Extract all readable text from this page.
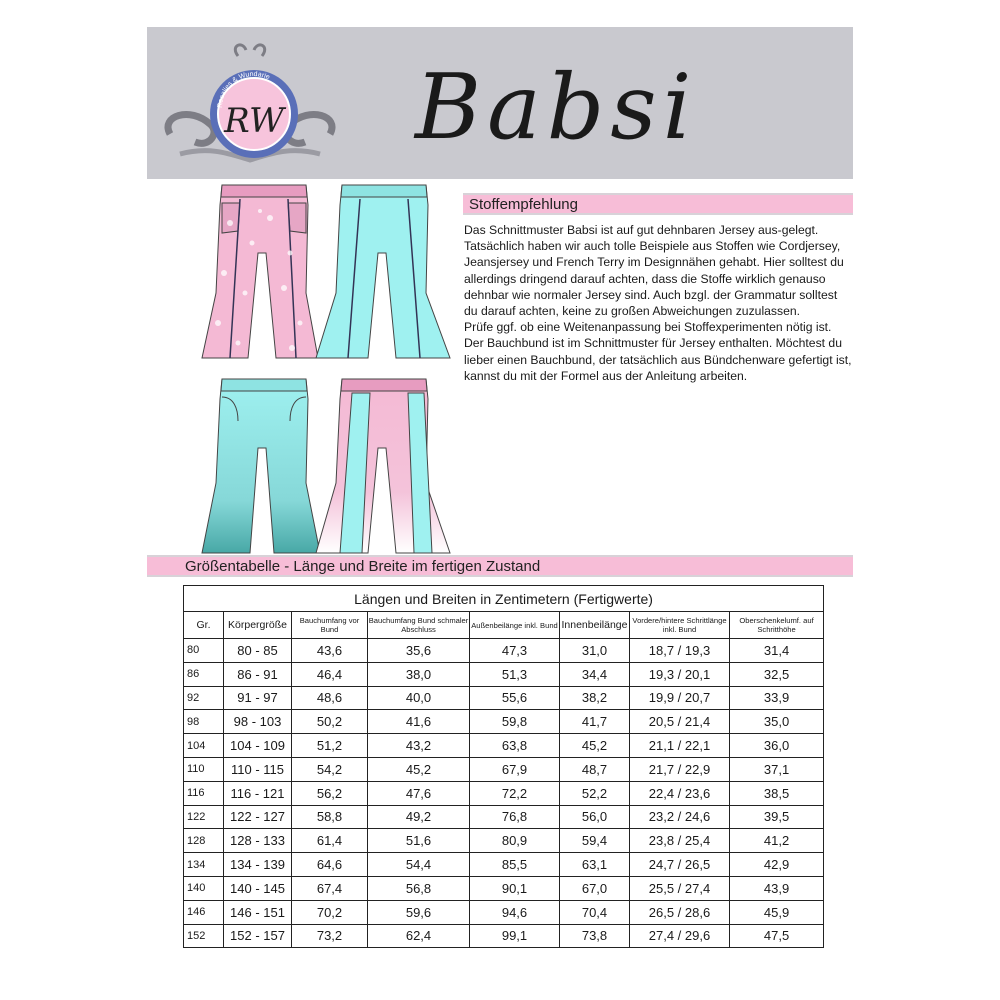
Rosalies & Wundarie
RW Babsi
Stoffempfehlung

Das Schnittmuster Babsi ist auf gut dehnbaren Jersey aus-gelegt. Tatsächlich haben wir auch tolle Beispiele aus Stoffen wie Cordjersey, Jeansjersey und French Terry im Designnähen gehabt. Hier solltest du allerdings dringend darauf achten, dass die Stoffe wirklich genauso dehnbar wie normaler Jersey sind. Auch bzgl. der Grammatur solltest du darauf achten, keine zu großen Abweichungen zuzulassen.

Prüfe ggf. ob eine Weitenanpassung bei Stoffexperimenten nötig ist.

Der Bauchbund ist im Schnittmuster für Jersey enthalten. Möchtest du lieber einen Bauchbund, der tatsächlich aus Bündchenware gefertigt ist, kannst du mit der Formel aus der Anleitung arbeiten.

Größentabelle - Länge und Breite im fertigen Zustand
Längen und Breiten in Zentimetern (Fertigwerte)							
Gr.	Körpergröße	Bauchumfang vor Bund	Bauchumfang Bund schmaler Abschluss	Außenbeilänge inkl. Bund	Innenbeilänge	Vordere/hintere Schrittlänge inkl. Bund	Oberschenkelumf. auf Schritthöhe
80	80 - 85	43,6	35,6	47,3	31,0	18,7 / 19,3	31,4
86	86 - 91	46,4	38,0	51,3	34,4	19,3 / 20,1	32,5
92	91 - 97	48,6	40,0	55,6	38,2	19,9 / 20,7	33,9
98	98 - 103	50,2	41,6	59,8	41,7	20,5 / 21,4	35,0
104	104 - 109	51,2	43,2	63,8	45,2	21,1 / 22,1	36,0
110	110 - 115	54,2	45,2	67,9	48,7	21,7 / 22,9	37,1
116	116 - 121	56,2	47,6	72,2	52,2	22,4 / 23,6	38,5
122	122 - 127	58,8	49,2	76,8	56,0	23,2 / 24,6	39,5
128	128 - 133	61,4	51,6	80,9	59,4	23,8 / 25,4	41,2
134	134 - 139	64,6	54,4	85,5	63,1	24,7 / 26,5	42,9
140	140 - 145	67,4	56,8	90,1	67,0	25,5 / 27,4	43,9
146	146 - 151	70,2	59,6	94,6	70,4	26,5 / 28,6	45,9
152	152 - 157	73,2	62,4	99,1	73,8	27,4 / 29,6	47,5
